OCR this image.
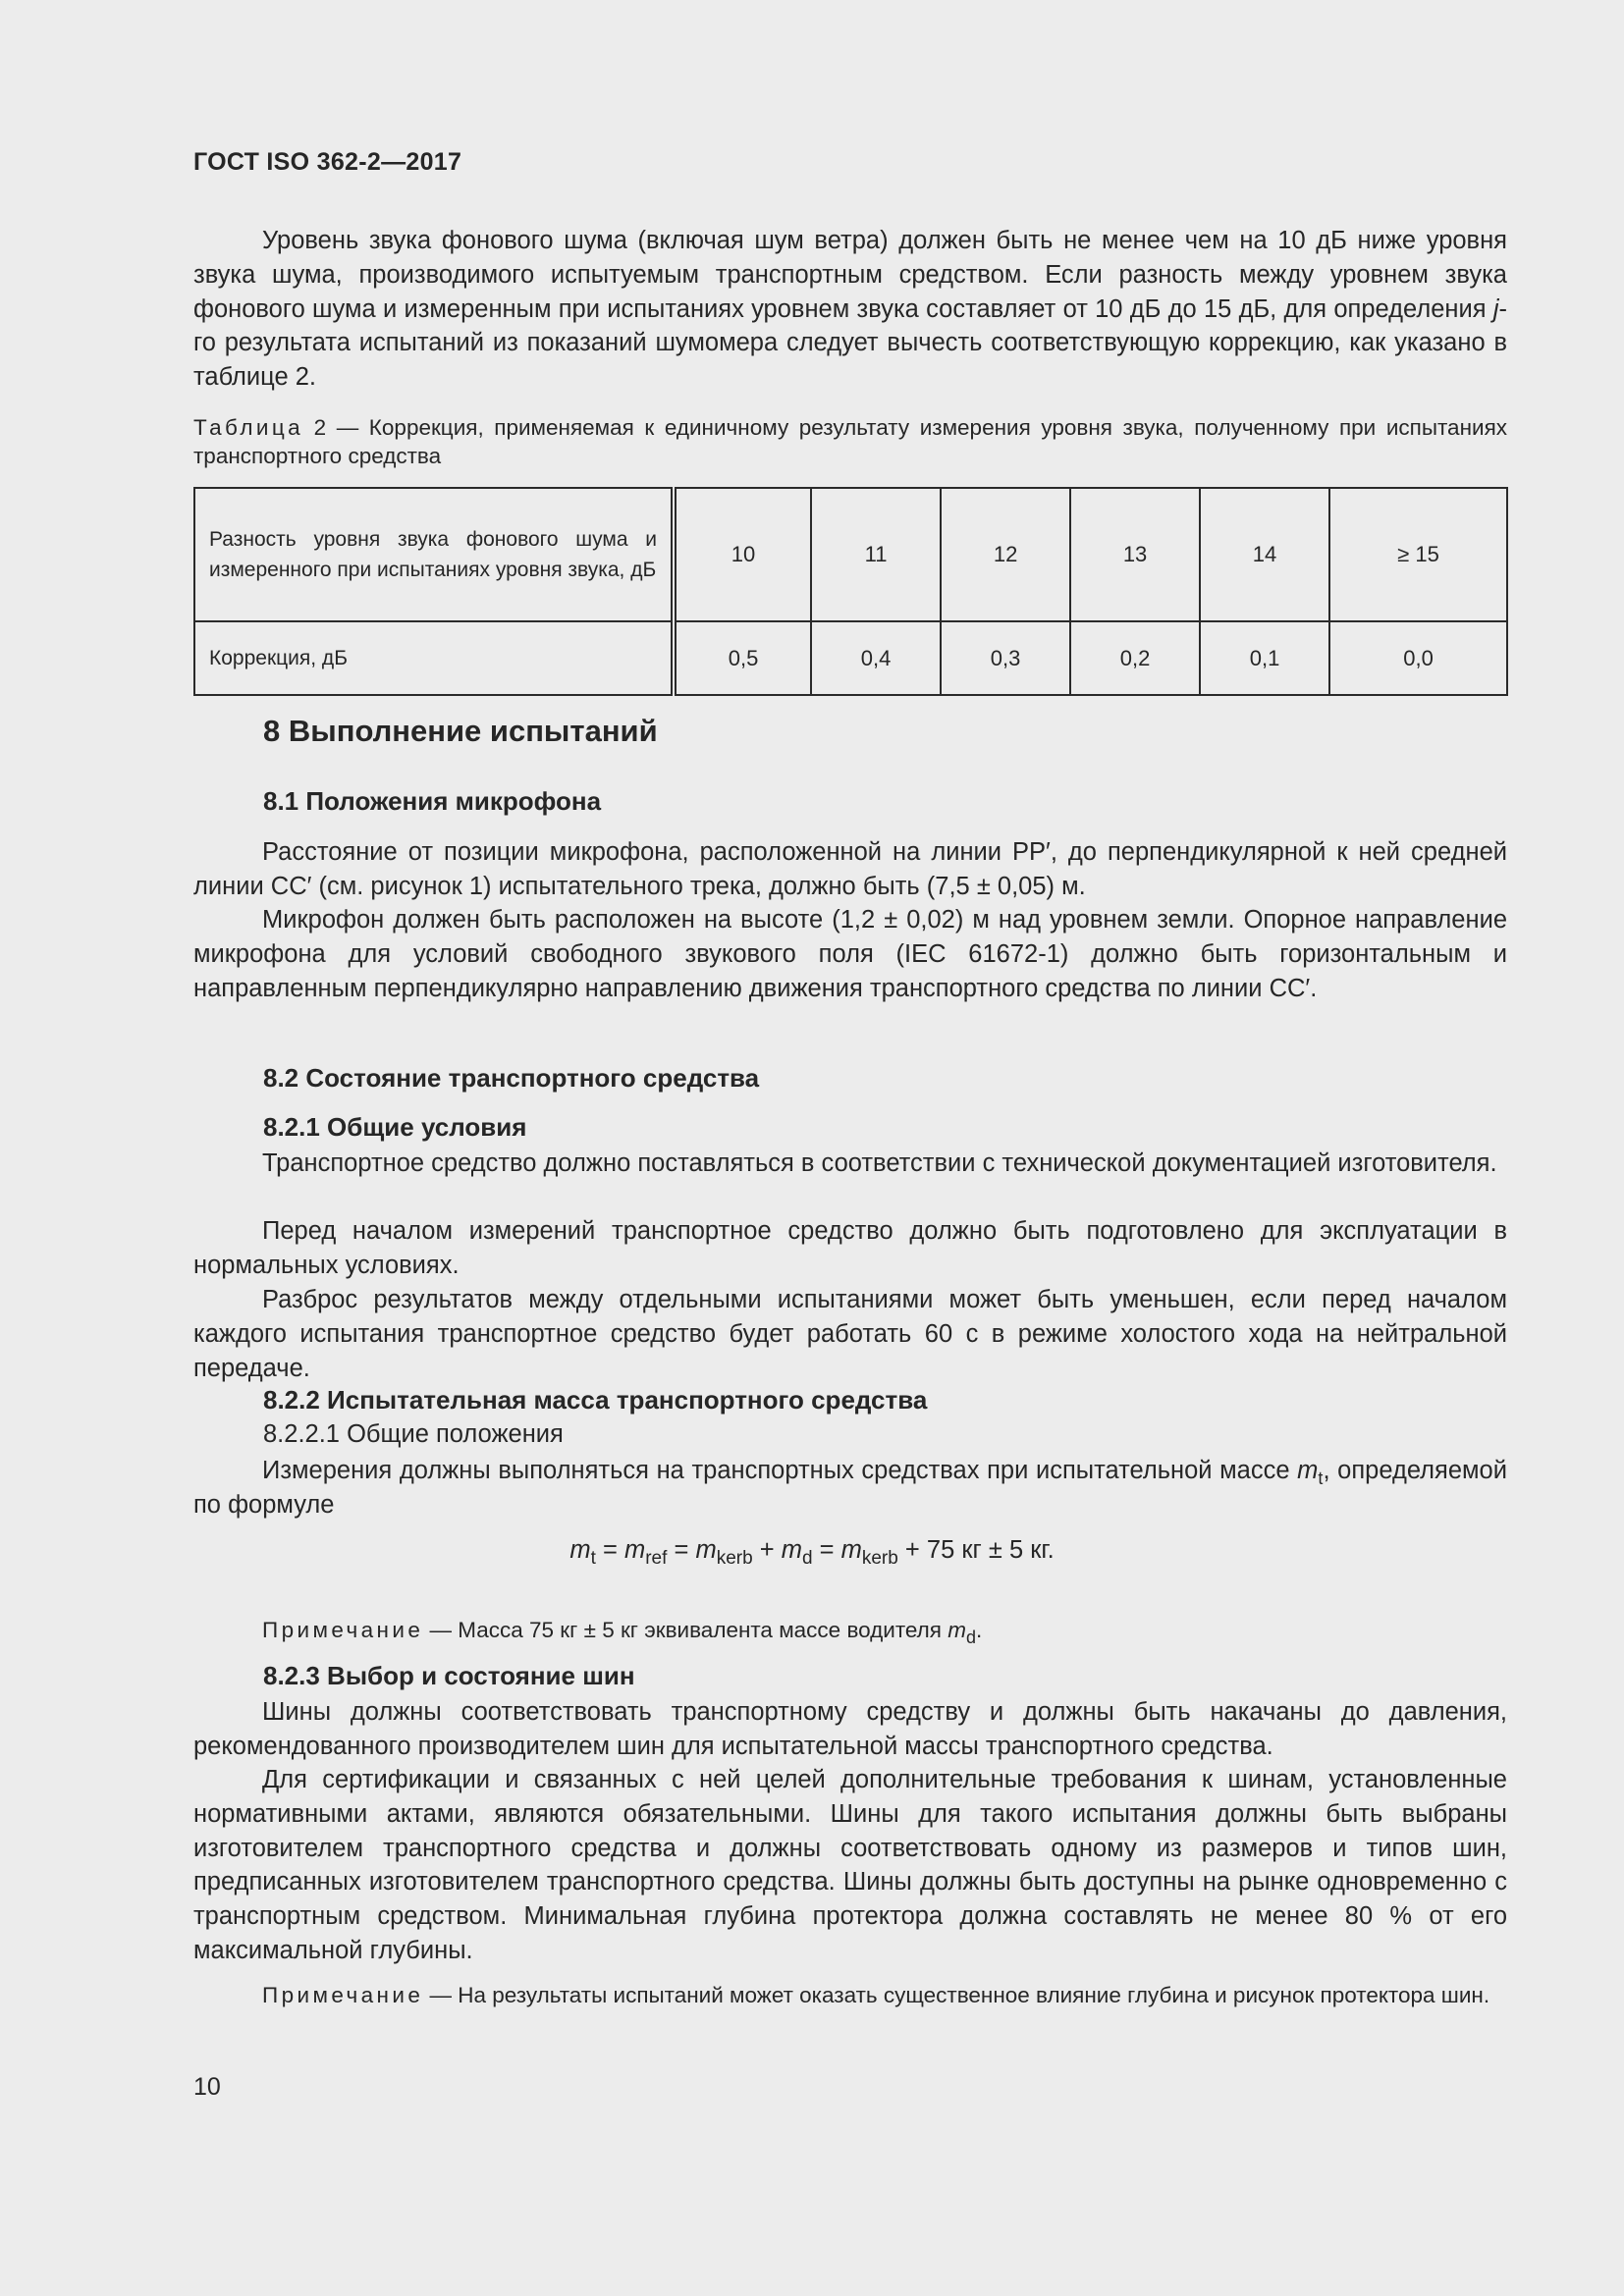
ГОСТ ISO 362-2—2017
Уровень звука фонового шума (включая шум ветра) должен быть не менее чем на 10 дБ ниже уровня звука шума, производимого испытуемым транспортным средством. Если разность между уровнем звука фонового шума и измеренным при испытаниях уровнем звука составляет от 10 дБ до 15 дБ, для определения j-го результата испытаний из показаний шумомера следует вычесть соответствующую коррекцию, как указано в таблице 2.
Таблица 2 — Коррекция, применяемая к единичному результату измерения уровня звука, полученному при испытаниях транспортного средства
Разность уровня звука фонового шума и измеренного при испытаниях уровня звука, дБ	10	11	12	13	14	≥ 15
Коррекция, дБ	0,5	0,4	0,3	0,2	0,1	0,0
8 Выполнение испытаний
8.1 Положения микрофона
Расстояние от позиции микрофона, расположенной на линии PP′, до перпендикулярной к ней средней линии CC′ (см. рисунок 1) испытательного трека, должно быть (7,5 ± 0,05) м.
Микрофон должен быть расположен на высоте (1,2 ± 0,02) м над уровнем земли. Опорное направление микрофона для условий свободного звукового поля (IEC 61672-1) должно быть горизонтальным и направленным перпендикулярно направлению движения транспортного средства по линии CC′.
8.2 Состояние транспортного средства
8.2.1 Общие условия
Транспортное средство должно поставляться в соответствии с технической документацией изготовителя.
Перед началом измерений транспортное средство должно быть подготовлено для эксплуатации в нормальных условиях.
Разброс результатов между отдельными испытаниями может быть уменьшен, если перед началом каждого испытания транспортное средство будет работать 60 с в режиме холостого хода на нейтральной передаче.
8.2.2 Испытательная масса транспортного средства
8.2.2.1 Общие положения
Измерения должны выполняться на транспортных средствах при испытательной массе $m_t$, определяемой по формуле
$m_t = m_{ref} = m_{kerb} + m_d = m_{kerb} + 75$ кг ± 5 кг.
Примечание — Масса 75 кг ± 5 кг эквивалента массе водителя $m_d$.
8.2.3 Выбор и состояние шин
Шины должны соответствовать транспортному средству и должны быть накачаны до давления, рекомендованного производителем шин для испытательной массы транспортного средства.
Для сертификации и связанных с ней целей дополнительные требования к шинам, установленные нормативными актами, являются обязательными. Шины для такого испытания должны быть выбраны изготовителем транспортного средства и должны соответствовать одному из размеров и типов шин, предписанных изготовителем транспортного средства. Шины должны быть доступны на рынке одновременно с транспортным средством. Минимальная глубина протектора должна составлять не менее 80 % от его максимальной глубины.
Примечание — На результаты испытаний может оказать существенное влияние глубина и рисунок протектора шин.
10
